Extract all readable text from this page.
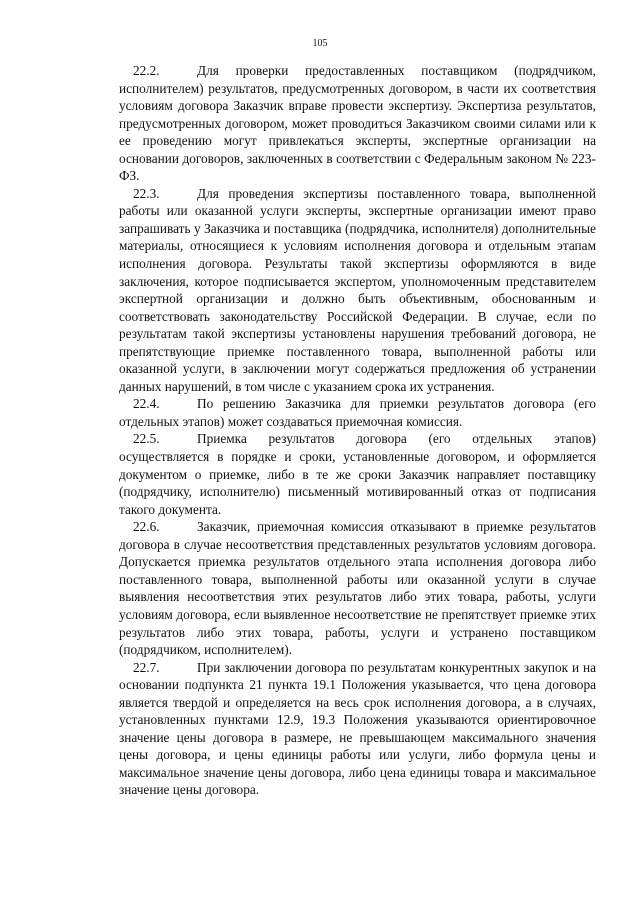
105

22.2.	Для проверки предоставленных поставщиком (подрядчиком, исполнителем) результатов, предусмотренных договором, в части их соответствия условиям договора Заказчик вправе провести экспертизу. Экспертиза результатов, предусмотренных договором, может проводиться Заказчиком своими силами или к ее проведению могут привлекаться эксперты, экспертные организации на основании договоров, заключенных в соответствии с Федеральным законом № 223-ФЗ.

22.3.	Для проведения экспертизы поставленного товара, выполненной работы или оказанной услуги эксперты, экспертные организации имеют право запрашивать у Заказчика и поставщика (подрядчика, исполнителя) дополнительные материалы, относящиеся к условиям исполнения договора и отдельным этапам исполнения договора. Результаты такой экспертизы оформляются в виде заключения, которое подписывается экспертом, уполномоченным представителем экспертной организации и должно быть объективным, обоснованным и соответствовать законодательству Российской Федерации. В случае, если по результатам такой экспертизы установлены нарушения требований договора, не препятствующие приемке поставленного товара, выполненной работы или оказанной услуги, в заключении могут содержаться предложения об устранении данных нарушений, в том числе с указанием срока их устранения.

22.4.	По решению Заказчика для приемки результатов договора (его отдельных этапов) может создаваться приемочная комиссия.

22.5.	Приемка результатов договора (его отдельных этапов) осуществляется в порядке и сроки, установленные договором, и оформляется документом о приемке, либо в те же сроки Заказчик направляет поставщику (подрядчику, исполнителю) письменный мотивированный отказ от подписания такого документа.

22.6.	Заказчик, приемочная комиссия отказывают в приемке результатов договора в случае несоответствия представленных результатов условиям договора. Допускается приемка результатов отдельного этапа исполнения договора либо поставленного товара, выполненной работы или оказанной услуги в случае выявления несоответствия этих результатов либо этих товара, работы, услуги условиям договора, если выявленное несоответствие не препятствует приемке этих результатов либо этих товара, работы, услуги и устранено поставщиком (подрядчиком, исполнителем).

22.7.	При заключении договора по результатам конкурентных закупок и на основании подпункта 21 пункта 19.1 Положения указывается, что цена договора является твердой и определяется на весь срок исполнения договора, а в случаях, установленных пунктами 12.9, 19.3 Положения указываются ориентировочное значение цены договора в размере, не превышающем максимального значения цены договора, и цены единицы работы или услуги, либо формула цены и максимальное значение цены договора, либо цена единицы товара и максимальное значение цены договора.
